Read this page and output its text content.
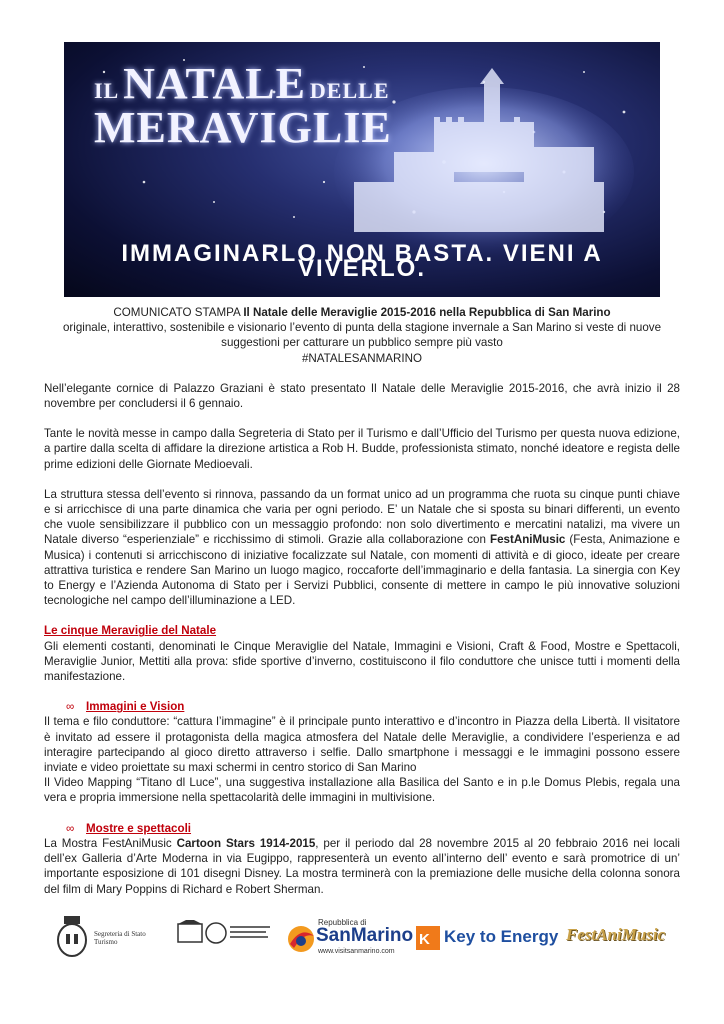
IL NATALE DELLE
MERAVIGLIE
IMMAGINARLO NON BASTA. VIENI A VIVERLO.
COMUNICATO STAMPA Il Natale delle Meraviglie 2015-2016 nella Repubblica di San Marino
originale, interattivo, sostenibile e visionario l’evento di punta della stagione invernale a San Marino si veste di nuove
suggestioni per catturare un pubblico sempre più vasto
#NATALESANMARINO
Nell’elegante cornice di Palazzo Graziani è stato presentato Il Natale delle Meraviglie 2015-2016, che avrà inizio il 28 novembre per concludersi il 6 gennaio.
Tante le novità messe in campo dalla Segreteria di Stato per il Turismo e dall’Ufficio del Turismo per questa nuova edizione, a partire dalla scelta di affidare la direzione artistica a Rob H. Budde, professionista stimato, nonché ideatore e regista delle prime edizioni delle Giornate Medioevali.
La struttura stessa dell’evento si rinnova, passando da un format unico ad un programma che ruota su cinque punti chiave e si arricchisce di una parte dinamica che varia per ogni periodo. E’ un Natale che si sposta su binari differenti, un evento che vuole sensibilizzare il pubblico con un messaggio profondo: non solo divertimento e mercatini natalizi, ma vivere un Natale diverso “esperienziale” e ricchissimo di stimoli. Grazie alla collaborazione con FestAniMusic (Festa, Animazione e Musica) i contenuti si arricchiscono di iniziative focalizzate sul Natale, con momenti di attività e di gioco, ideate per creare attrattiva turistica e rendere San Marino un luogo magico, roccaforte dell’immaginario e della fantasia. La sinergia con Key to Energy e l’Azienda Autonoma di Stato per i Servizi Pubblici, consente di mettere in campo le più innovative soluzioni tecnologiche nel campo dell’illuminazione a LED.
Le cinque Meraviglie del Natale
Gli elementi costanti, denominati le Cinque Meraviglie del Natale, Immagini e Visioni, Craft & Food, Mostre e Spettacoli, Meraviglie Junior, Mettiti alla prova: sfide sportive d’inverno, costituiscono il filo conduttore che unisce tutti i momenti della manifestazione.
∞ Immagini e Vision
Il tema e filo conduttore: “cattura l’immagine” è il principale punto interattivo e d’incontro in Piazza della Libertà. Il visitatore è invitato ad essere il protagonista della magica atmosfera del Natale delle Meraviglie, a condividere l’esperienza e ad interagire partecipando al gioco diretto attraverso i selfie. Dallo smartphone i messaggi e le immagini possono essere inviate e video proiettate su maxi schermi in centro storico di San Marino
Il Video Mapping “Titano dl Luce”, una suggestiva installazione alla Basilica del Santo e in p.le Domus Plebis, regala una vera e propria immersione nella spettacolarità delle immagini in multivisione.
∞ Mostre e spettacoli
La Mostra FestAniMusic Cartoon Stars 1914-2015, per il periodo dal 28 novembre 2015 al 20 febbraio 2016 nei locali dell’ex Galleria d’Arte Moderna in via Eugippo, rappresenterà un evento all’interno dell’ evento e sarà promotrice di un’ importante esposizione di 101 disegni Disney. La mostra terminerà con la premiazione delle musiche della colonna sonora del film di Mary Poppins di Richard e Robert Sherman.
Segreteria di Stato
Turismo
Repubblica di
SanMarino
www.visitsanmarino.com
K Key to Energy FestAniMusic
